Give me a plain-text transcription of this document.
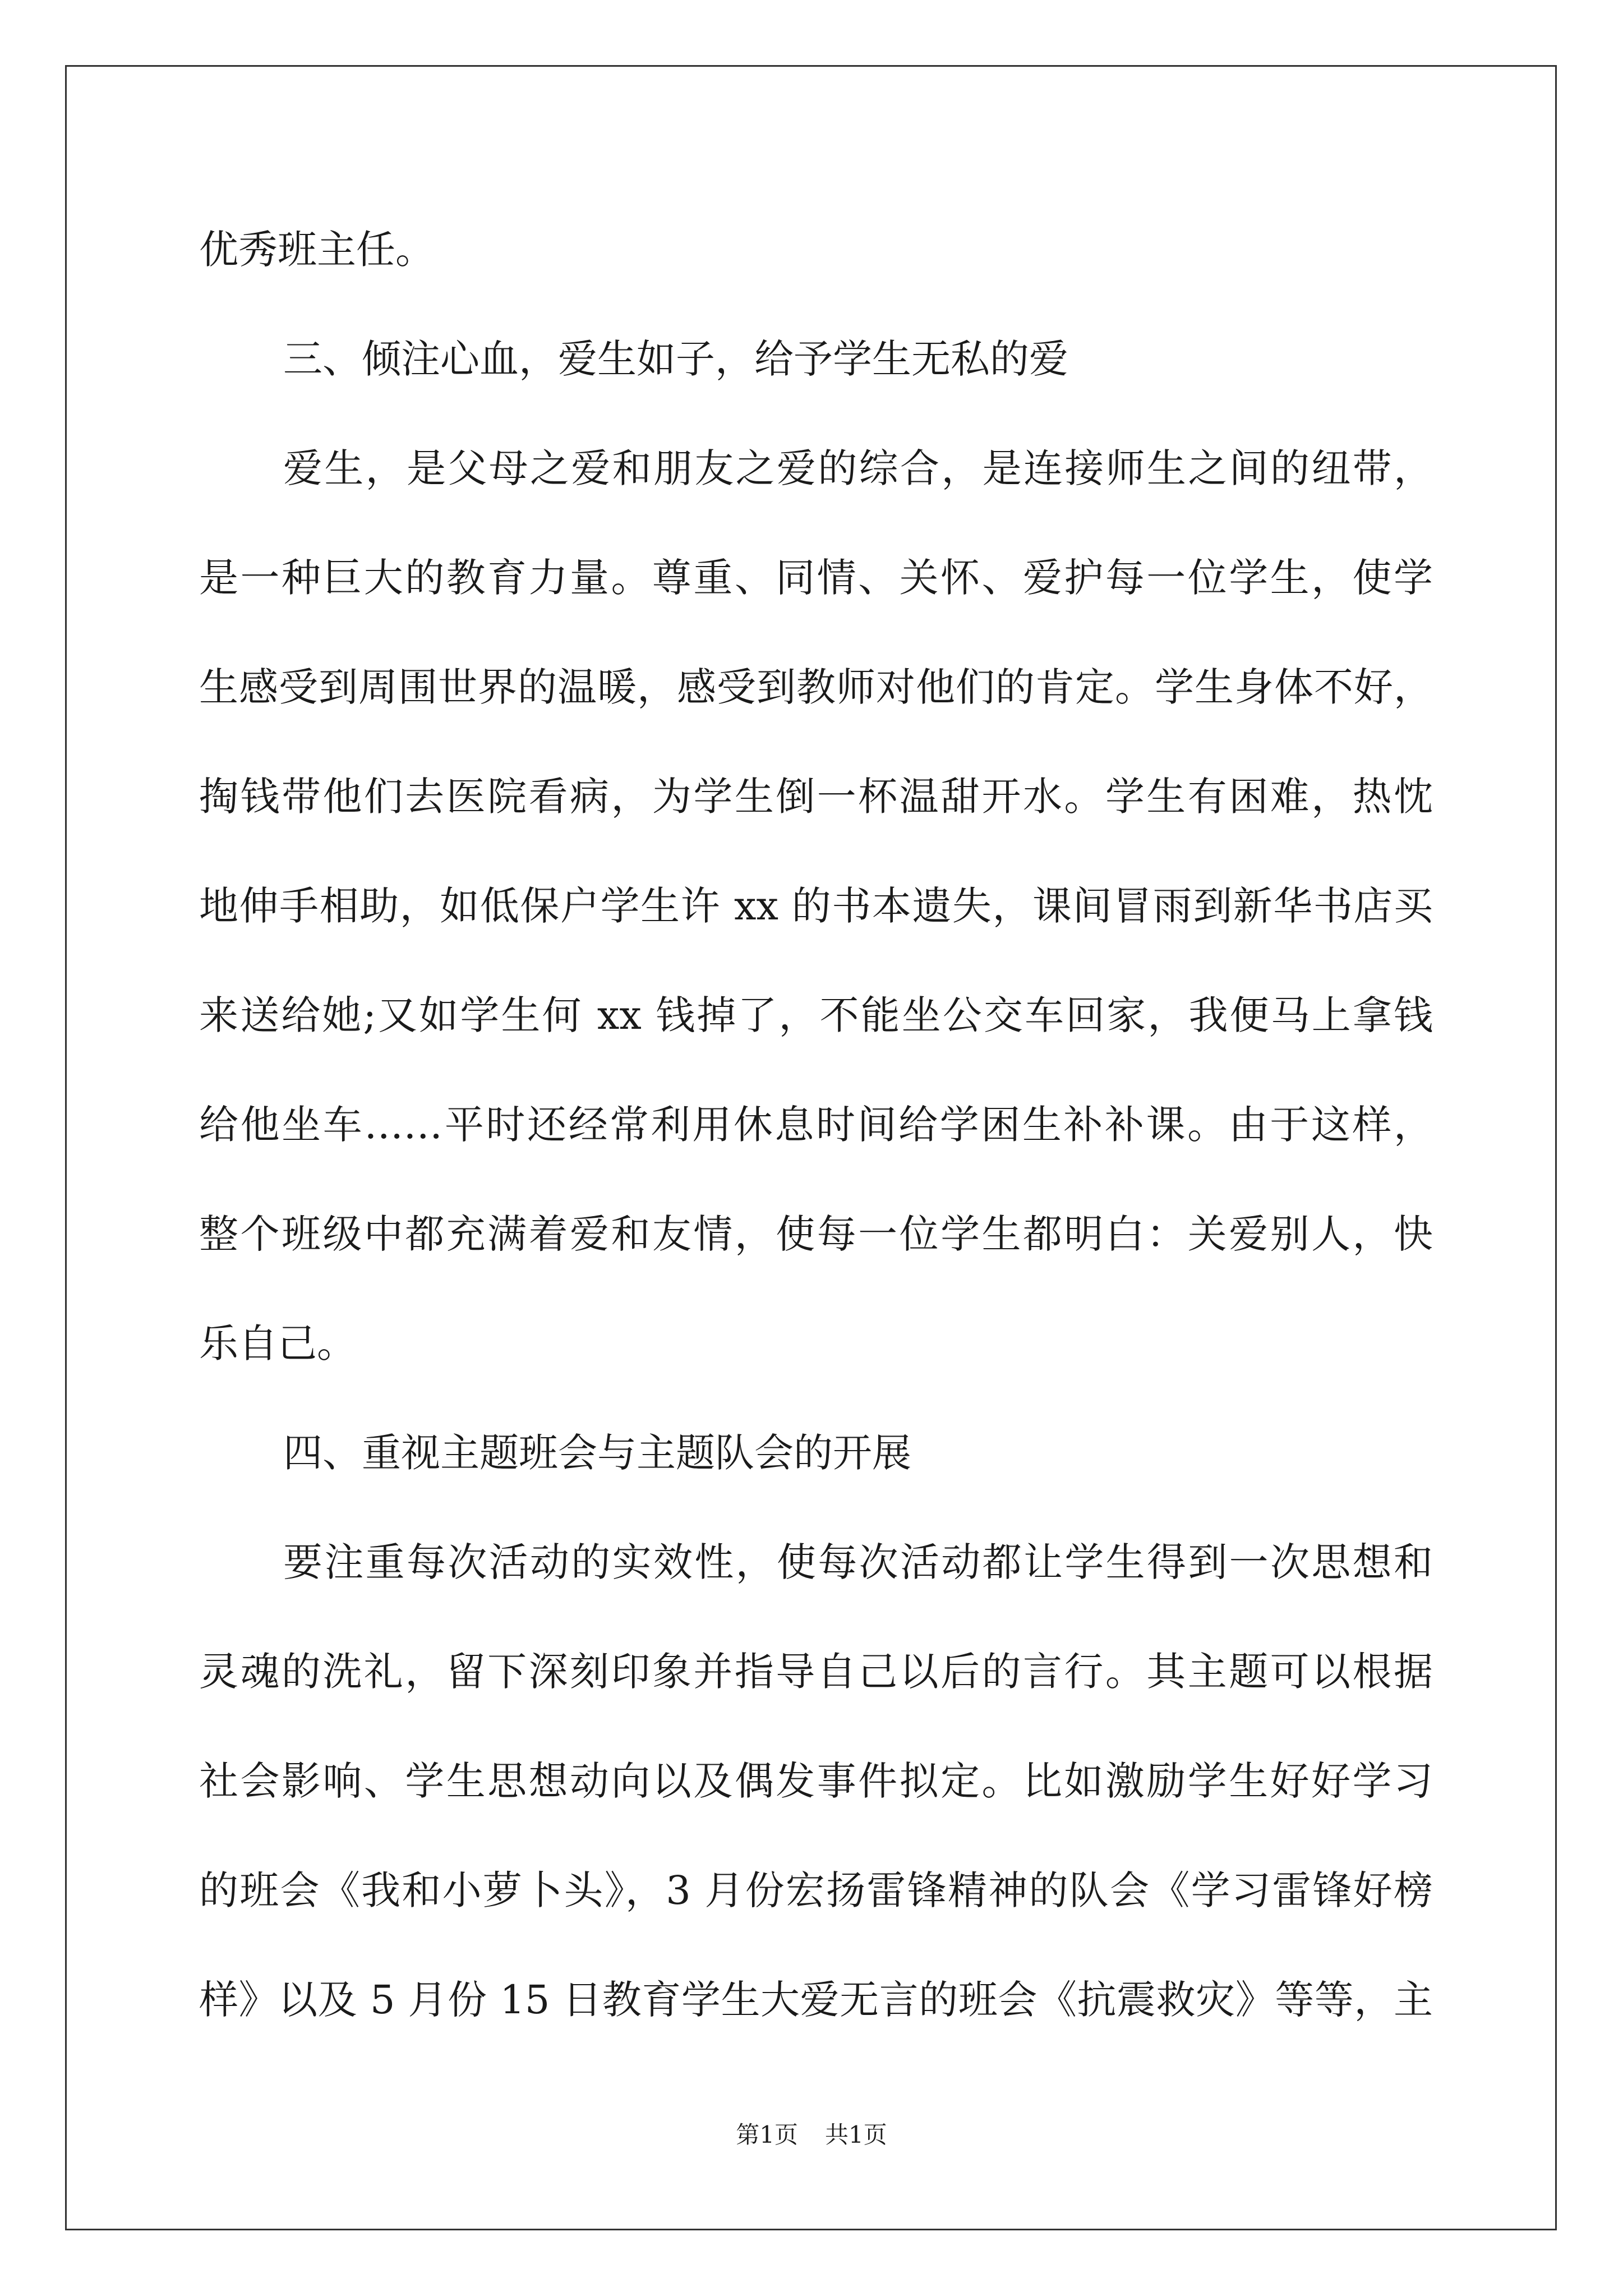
优秀班主任。
三、倾注心血，爱生如子，给予学生无私的爱
爱生，是父母之爱和朋友之爱的综合，是连接师生之间的纽带，
是一种巨大的教育力量。尊重、同情、关怀、爱护每一位学生，使学
生感受到周围世界的温暖，感受到教师对他们的肯定。学生身体不好，
掏钱带他们去医院看病，为学生倒一杯温甜开水。学生有困难，热忱
地伸手相助，如低保户学生许 xx 的书本遗失，课间冒雨到新华书店买
来送给她;又如学生何 xx 钱掉了，不能坐公交车回家，我便马上拿钱
给他坐车……平时还经常利用休息时间给学困生补补课。由于这样，
整个班级中都充满着爱和友情，使每一位学生都明白：关爱别人，快
乐自己。
四、重视主题班会与主题队会的开展
要注重每次活动的实效性，使每次活动都让学生得到一次思想和
灵魂的洗礼，留下深刻印象并指导自己以后的言行。其主题可以根据
社会影响、学生思想动向以及偶发事件拟定。比如激励学生好好学习
的班会《我和小萝卜头》，3 月份宏扬雷锋精神的队会《学习雷锋好榜
样》以及 5 月份 15 日教育学生大爱无言的班会《抗震救灾》等等，主
第1页 共1页
